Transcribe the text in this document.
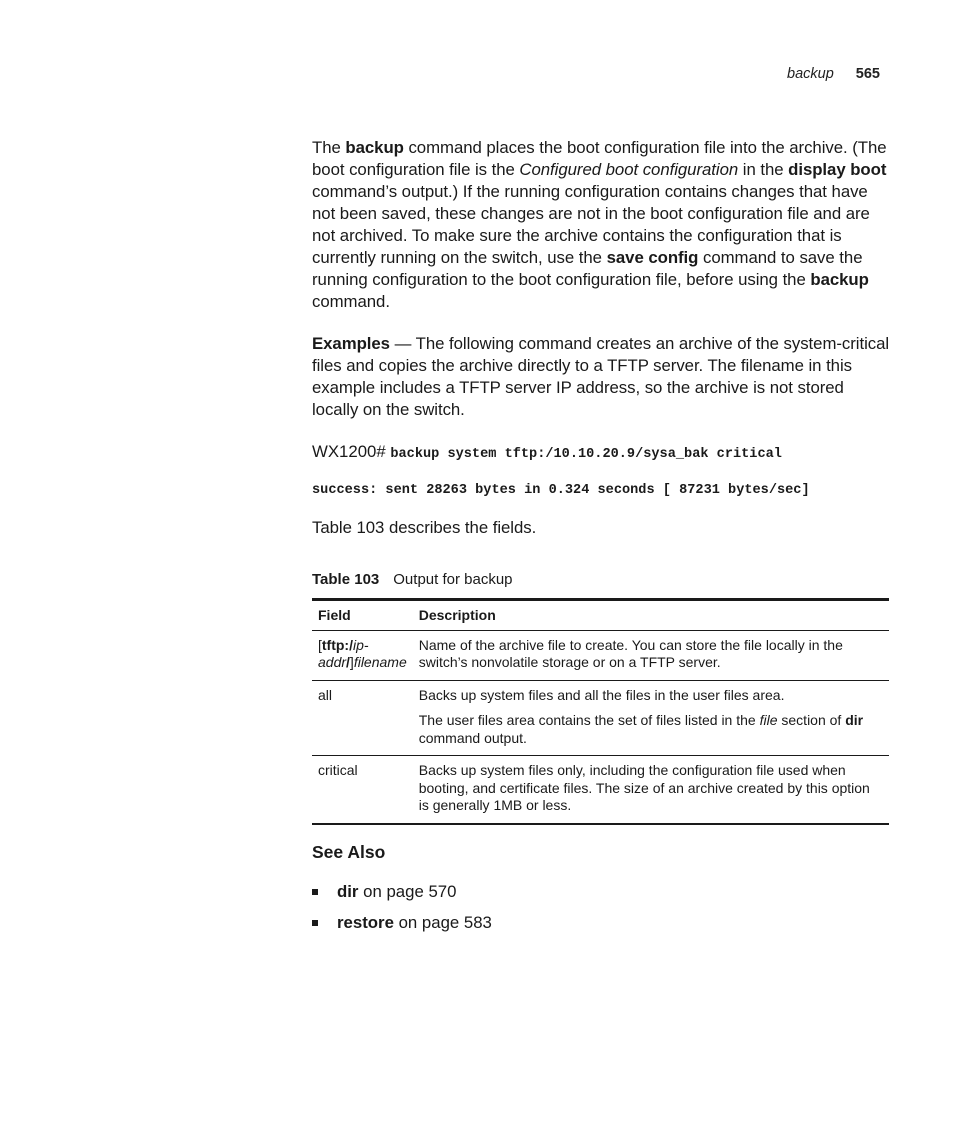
backup 565

The backup command places the boot configuration file into the archive. (The boot configuration file is the Configured boot configuration in the display boot command’s output.) If the running configuration contains changes that have not been saved, these changes are not in the boot configuration file and are not archived. To make sure the archive contains the configuration that is currently running on the switch, use the save config command to save the running configuration to the boot configuration file, before using the backup command.

Examples — The following command creates an archive of the system-critical files and copies the archive directly to a TFTP server. The filename in this example includes a TFTP server IP address, so the archive is not stored locally on the switch.

WX1200# backup system tftp:/10.10.20.9/sysa_bak critical
success: sent 28263 bytes in 0.324 seconds [ 87231 bytes/sec]

Table 103 describes the fields.

Table 103 Output for backup
Field	Description
[tftp:/ip-addr/]filename	Name of the archive file to create. You can store the file locally in the switch’s nonvolatile storage or on a TFTP server.
all	Backs up system files and all the files in the user files area.

The user files area contains the set of files listed in the file section of dir command output.

critical	Backs up system files only, including the configuration file used when booting, and certificate files. The size of an archive created by this option is generally 1MB or less.
See Also
dir on page 570
restore on page 583
